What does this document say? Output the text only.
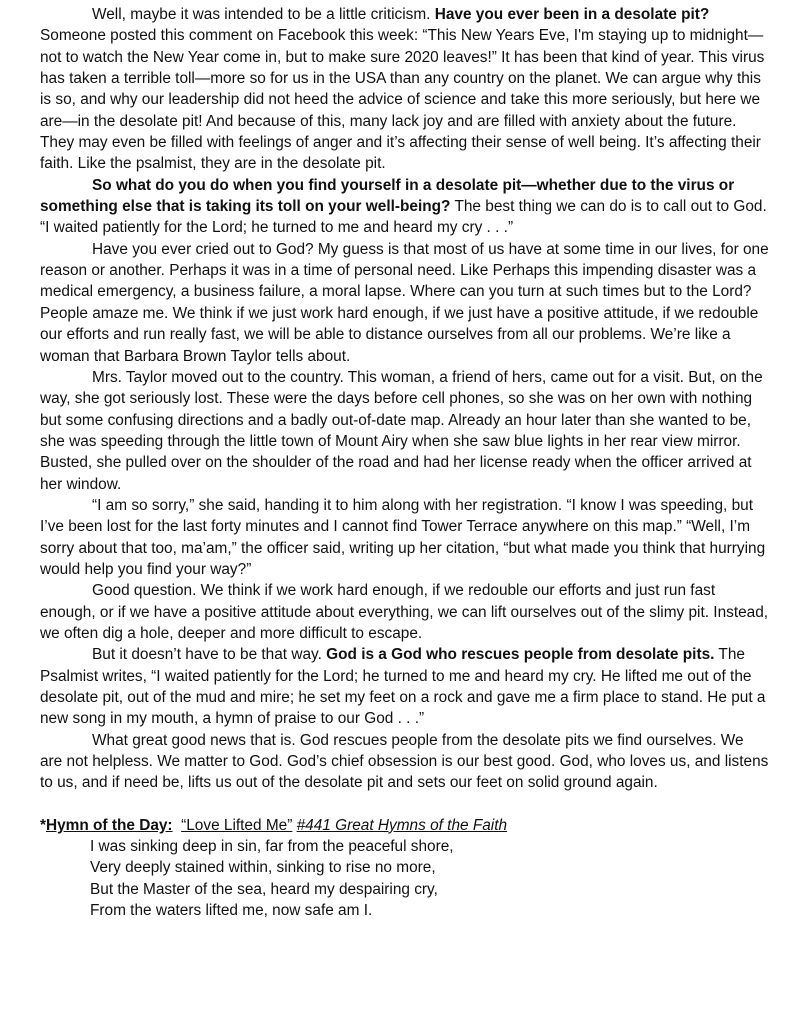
Well, maybe it was intended to be a little criticism. Have you ever been in a desolate pit? Someone posted this comment on Facebook this week: “This New Years Eve, I'm staying up to midnight—not to watch the New Year come in, but to make sure 2020 leaves!” It has been that kind of year. This virus has taken a terrible toll—more so for us in the USA than any country on the planet. We can argue why this is so, and why our leadership did not heed the advice of science and take this more seriously, but here we are—in the desolate pit! And because of this, many lack joy and are filled with anxiety about the future. They may even be filled with feelings of anger and it’s affecting their sense of well being. It’s affecting their faith. Like the psalmist, they are in the desolate pit.

So what do you do when you find yourself in a desolate pit—whether due to the virus or something else that is taking its toll on your well-being? The best thing we can do is to call out to God. “I waited patiently for the Lord; he turned to me and heard my cry . . .”

Have you ever cried out to God? My guess is that most of us have at some time in our lives, for one reason or another. Perhaps it was in a time of personal need. Like Perhaps this impending disaster was a medical emergency, a business failure, a moral lapse. Where can you turn at such times but to the Lord? People amaze me. We think if we just work hard enough, if we just have a positive attitude, if we redouble our efforts and run really fast, we will be able to distance ourselves from all our problems. We’re like a woman that Barbara Brown Taylor tells about.

Mrs. Taylor moved out to the country. This woman, a friend of hers, came out for a visit. But, on the way, she got seriously lost. These were the days before cell phones, so she was on her own with nothing but some confusing directions and a badly out-of-date map. Already an hour later than she wanted to be, she was speeding through the little town of Mount Airy when she saw blue lights in her rear view mirror. Busted, she pulled over on the shoulder of the road and had her license ready when the officer arrived at her window.

“I am so sorry,” she said, handing it to him along with her registration. “I know I was speeding, but I’ve been lost for the last forty minutes and I cannot find Tower Terrace anywhere on this map.” “Well, I’m sorry about that too, ma’am,” the officer said, writing up her citation, “but what made you think that hurrying would help you find your way?”

Good question. We think if we work hard enough, if we redouble our efforts and just run fast enough, or if we have a positive attitude about everything, we can lift ourselves out of the slimy pit. Instead, we often dig a hole, deeper and more difficult to escape.

But it doesn’t have to be that way. God is a God who rescues people from desolate pits. The Psalmist writes, “I waited patiently for the Lord; he turned to me and heard my cry. He lifted me out of the desolate pit, out of the mud and mire; he set my feet on a rock and gave me a firm place to stand. He put a new song in my mouth, a hymn of praise to our God . . .”

What great good news that is. God rescues people from the desolate pits we find ourselves. We are not helpless. We matter to God. God’s chief obsession is our best good. God, who loves us, and listens to us, and if need be, lifts us out of the desolate pit and sets our feet on solid ground again.

*Hymn of the Day: “Love Lifted Me” #441 Great Hymns of the Faith

I was sinking deep in sin, far from the peaceful shore,

Very deeply stained within, sinking to rise no more,

But the Master of the sea, heard my despairing cry,

From the waters lifted me, now safe am I.
